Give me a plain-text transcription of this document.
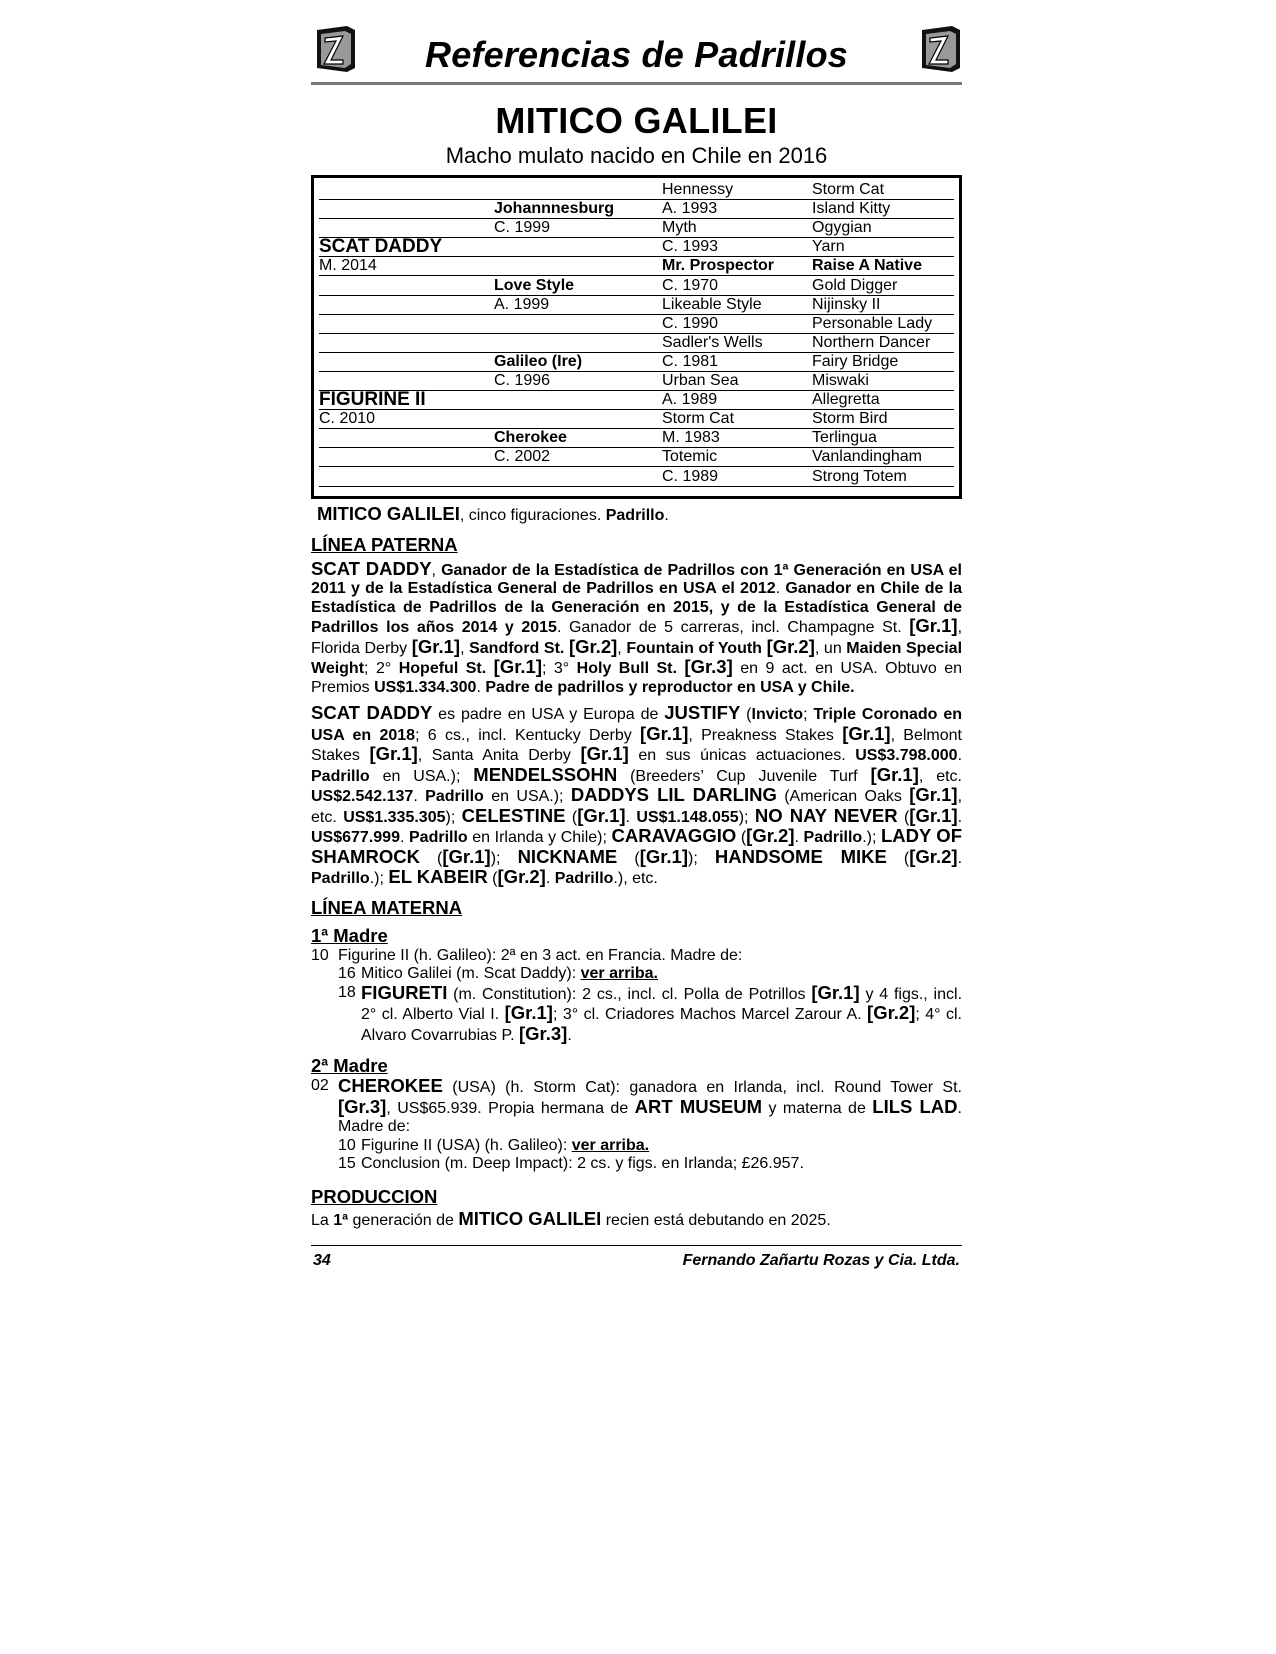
Referencias de Padrillos
MITICO GALILEI
Macho mulato nacido en Chile en 2016
Hennessy
A. 1993
Myth
C. 1993
Mr. Prospector
C. 1970
Likeable Style
C. 1990
Sadler's Wells
C. 1981
Urban Sea
A. 1989
Storm Cat
M. 1983
Totemic
C. 1989
Storm Cat
Island Kitty
Ogygian
Yarn
Raise A Native
Gold Digger
Nijinsky II
Personable Lady
Northern Dancer
Fairy Bridge
Miswaki
Allegretta
Storm Bird
Terlingua
Vanlandingham
Strong Totem
Johannnesburg
C. 1999
Love Style
A. 1999
Galileo (Ire)
C. 1996
Cherokee
C. 2002
SCAT DADDY
M. 2014
FIGURINE II
C. 2010
MITICO GALILEI, cinco figuraciones. Padrillo.
LÍNEA PATERNA
SCAT DADDY, Ganador de la Estadística de Padrillos con 1ª Generación en USA el 2011 y de la Estadística General de Padrillos en USA el 2012. Ganador en Chile de la Estadística de Padrillos de la Generación en 2015, y de la Estadística General de Padrillos los años 2014 y 2015. Ganador de 5 carreras, incl. Champagne St. [Gr.1], Florida Derby [Gr.1], Sandford St. [Gr.2], Fountain of Youth [Gr.2], un Maiden Special Weight; 2° Hopeful St. [Gr.1]; 3° Holy Bull St. [Gr.3] en 9 act. en USA. Obtuvo en Premios US$1.334.300. Padre de padrillos y reproductor en USA y Chile.
SCAT DADDY es padre en USA y Europa de JUSTIFY (Invicto; Triple Coronado en USA en 2018; 6 cs., incl. Kentucky Derby [Gr.1], Preakness Stakes [Gr.1], Belmont Stakes [Gr.1], Santa Anita Derby [Gr.1] en sus únicas actuaciones. US$3.798.000. Padrillo en USA.); MENDELSSOHN (Breeders’ Cup Juvenile Turf [Gr.1], etc. US$2.542.137. Padrillo en USA.); DADDYS LIL DARLING (American Oaks [Gr.1], etc. US$1.335.305); CELESTINE ([Gr.1]. US$1.148.055); NO NAY NEVER ([Gr.1]. US$677.999. Padrillo en Irlanda y Chile); CARAVAGGIO ([Gr.2]. Padrillo.); LADY OF SHAMROCK ([Gr.1]); NICKNAME ([Gr.1]); HANDSOME MIKE ([Gr.2]. Padrillo.); EL KABEIR ([Gr.2]. Padrillo.), etc.
LÍNEA MATERNA
1ª Madre
10 Figurine II (h. Galileo): 2ª en 3 act. en Francia. Madre de:
16 Mitico Galilei (m. Scat Daddy): ver arriba.
18 FIGURETI (m. Constitution): 2 cs., incl. cl. Polla de Potrillos [Gr.1] y 4 figs., incl. 2° cl. Alberto Vial I. [Gr.1]; 3° cl. Criadores Machos Marcel Zarour A. [Gr.2]; 4° cl. Alvaro Covarrubias P. [Gr.3].
2ª Madre
02 CHEROKEE (USA) (h. Storm Cat): ganadora en Irlanda, incl. Round Tower St. [Gr.3], US$65.939. Propia hermana de ART MUSEUM y materna de LILS LAD. Madre de:
10 Figurine II (USA) (h. Galileo): ver arriba.
15 Conclusion (m. Deep Impact): 2 cs. y figs. en Irlanda; £26.957.
PRODUCCION
La 1ª generación de MITICO GALILEI recien está debutando en 2025.
34	Fernando Zañartu Rozas y Cia. Ltda.
